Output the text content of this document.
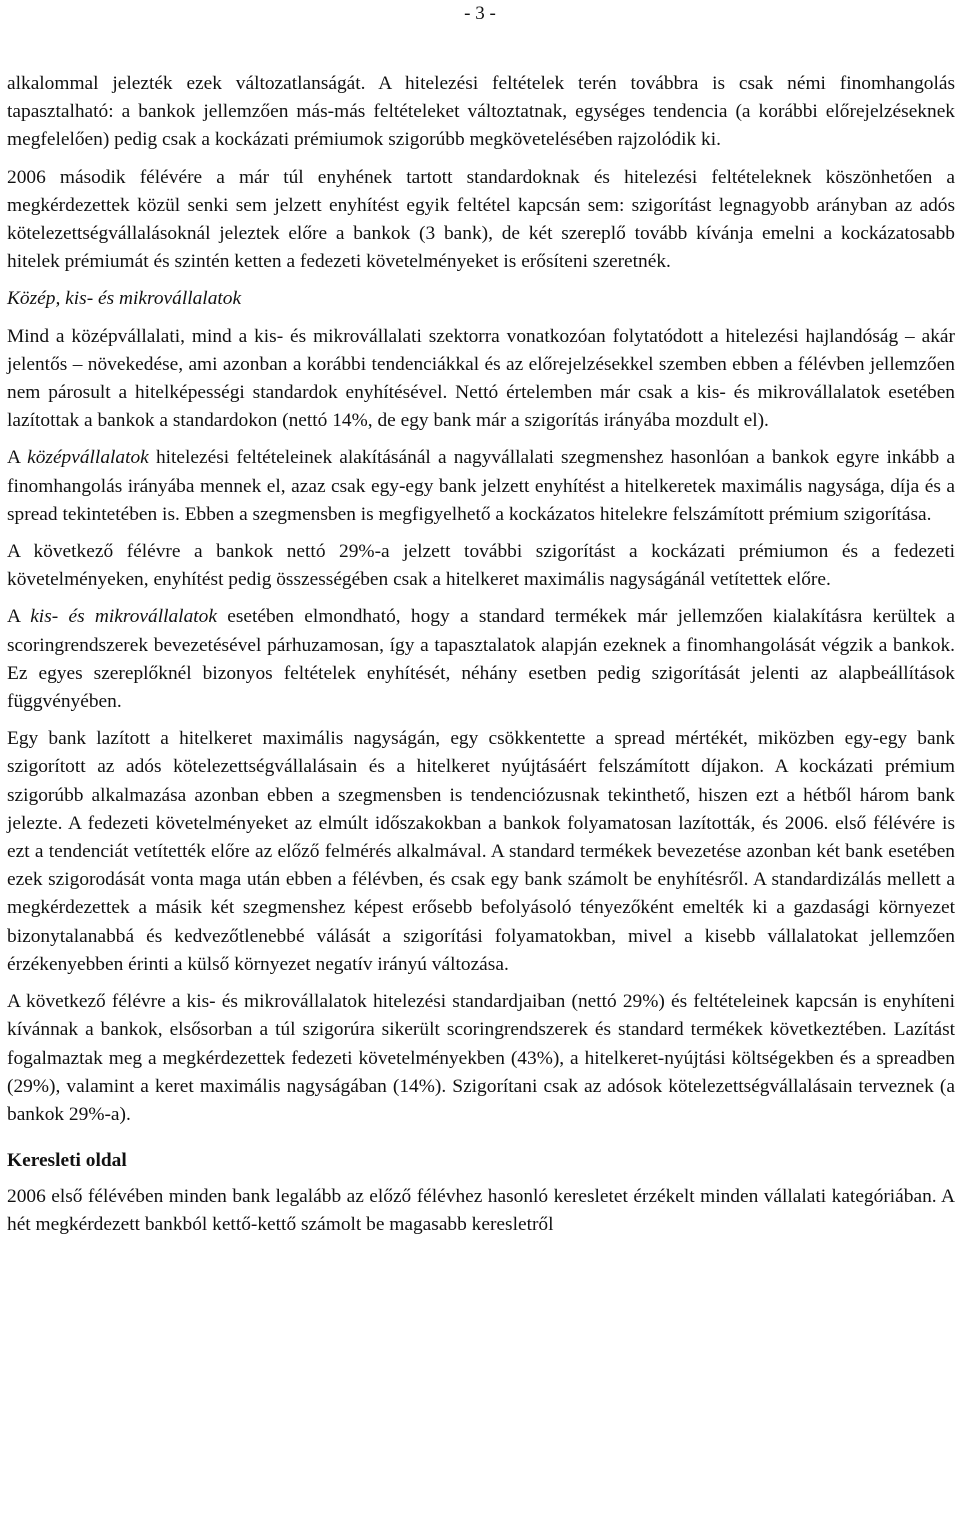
- 3 -

alkalommal jelezték ezek változatlanságát. A hitelezési feltételek terén továbbra is csak némi finomhangolás tapasztalható: a bankok jellemzően más-más feltételeket változtatnak, egységes tendencia (a korábbi előrejelzéseknek megfelelően) pedig csak a kockázati prémiumok szigorúbb megkövetelésében rajzolódik ki.

2006 második félévére a már túl enyhének tartott standardoknak és hitelezési feltételeknek köszönhetően a megkérdezettek közül senki sem jelzett enyhítést egyik feltétel kapcsán sem: szigorítást legnagyobb arányban az adós kötelezettségvállalásoknál jeleztek előre a bankok (3 bank), de két szereplő tovább kívánja emelni a kockázatosabb hitelek prémiumát és szintén ketten a fedezeti követelményeket is erősíteni szeretnék.

Közép, kis- és mikrovállalatok

Mind a középvállalati, mind a kis- és mikrovállalati szektorra vonatkozóan folytatódott a hitelezési hajlandóság – akár jelentős – növekedése, ami azonban a korábbi tendenciákkal és az előrejelzésekkel szemben ebben a félévben jellemzően nem párosult a hitelképességi standardok enyhítésével. Nettó értelemben már csak a kis- és mikrovállalatok esetében lazítottak a bankok a standardokon (nettó 14%, de egy bank már a szigorítás irányába mozdult el).

A középvállalatok hitelezési feltételeinek alakításánál a nagyvállalati szegmenshez hasonlóan a bankok egyre inkább a finomhangolás irányába mennek el, azaz csak egy-egy bank jelzett enyhítést a hitelkeretek maximális nagysága, díja és a spread tekintetében is. Ebben a szegmensben is megfigyelhető a kockázatos hitelekre felszámított prémium szigorítása.

A következő félévre a bankok nettó 29%-a jelzett további szigorítást a kockázati prémiumon és a fedezeti követelményeken, enyhítést pedig összességében csak a hitelkeret maximális nagyságánál vetítettek előre.

A kis- és mikrovállalatok esetében elmondható, hogy a standard termékek már jellemzően kialakításra kerültek a scoringrendszerek bevezetésével párhuzamosan, így a tapasztalatok alapján ezeknek a finomhangolását végzik a bankok. Ez egyes szereplőknél bizonyos feltételek enyhítését, néhány esetben pedig szigorítását jelenti az alapbeállítások függvényében.

Egy bank lazított a hitelkeret maximális nagyságán, egy csökkentette a spread mértékét, miközben egy-egy bank szigorított az adós kötelezettségvállalásain és a hitelkeret nyújtásáért felszámított díjakon. A kockázati prémium szigorúbb alkalmazása azonban ebben a szegmensben is tendenciózusnak tekinthető, hiszen ezt a hétből három bank jelezte. A fedezeti követelményeket az elmúlt időszakokban a bankok folyamatosan lazították, és 2006. első félévére is ezt a tendenciát vetítették előre az előző felmérés alkalmával. A standard termékek bevezetése azonban két bank esetében ezek szigorodását vonta maga után ebben a félévben, és csak egy bank számolt be enyhítésről. A standardizálás mellett a megkérdezettek a másik két szegmenshez képest erősebb befolyásoló tényezőként emelték ki a gazdasági környezet bizonytalanabbá és kedvezőtlenebbé válását a szigorítási folyamatokban, mivel a kisebb vállalatokat jellemzően érzékenyebben érinti a külső környezet negatív irányú változása.

A következő félévre a kis- és mikrovállalatok hitelezési standardjaiban (nettó 29%) és feltételeinek kapcsán is enyhíteni kívánnak a bankok, elsősorban a túl szigorúra sikerült scoringrendszerek és standard termékek következtében. Lazítást fogalmaztak meg a megkérdezettek fedezeti követelményekben (43%), a hitelkeret-nyújtási költségekben és a spreadben (29%), valamint a keret maximális nagyságában (14%). Szigorítani csak az adósok kötelezettségvállalásain terveznek (a bankok 29%-a).

Keresleti oldal

2006 első félévében minden bank legalább az előző félévhez hasonló keresletet érzékelt minden vállalati kategóriában. A hét megkérdezett bankból kettő-kettő számolt be magasabb keresletről
